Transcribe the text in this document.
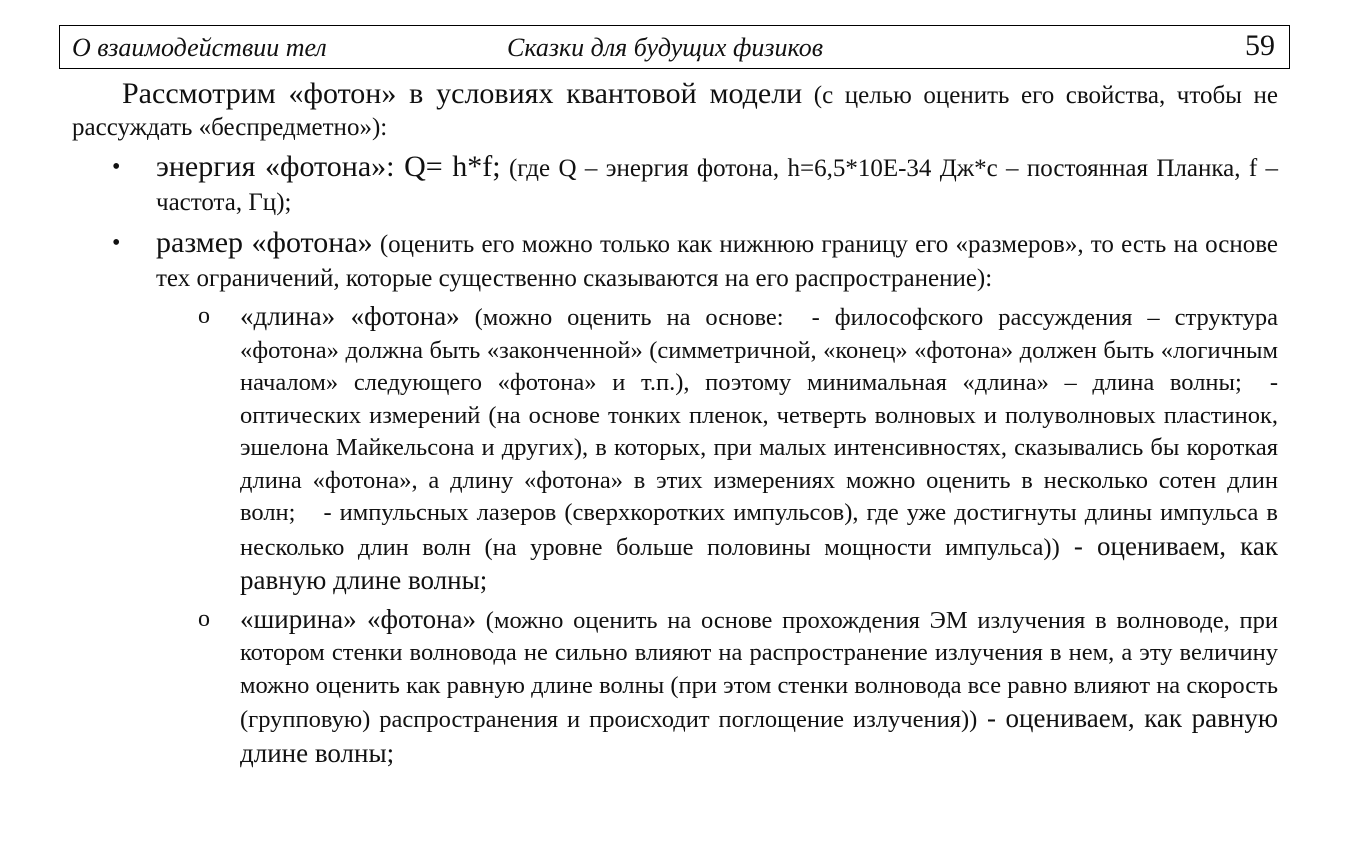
О взаимодействии тел	Сказки для будущих физиков	59

Рассмотрим «фотон» в условиях квантовой модели (с целью оценить его свойства, чтобы не рассуждать «беспредметно»):

• энергия «фотона»: Q= h*f; (где Q – энергия фотона, h=6,5*10E-34 Дж*с – постоянная Планка, f – частота, Гц);

• размер «фотона» (оценить его можно только как нижнюю границу его «размеров», то есть на основе тех ограничений, которые существенно сказываются на его распространение):

o «длина» «фотона» (можно оценить на основе: - философского рассуждения – структура «фотона» должна быть «законченной» (симметричной, «конец» «фотона» должен быть «логичным началом» следующего «фотона» и т.п.), поэтому минимальная «длина» – длина волны; - оптических измерений (на основе тонких пленок, четверть волновых и полуволновых пластинок, эшелона Майкельсона и других), в которых, при малых интенсивностях, сказывались бы короткая длина «фотона», а длину «фотона» в этих измерениях можно оценить в несколько сотен длин волн; - импульсных лазеров (сверхкоротких импульсов), где уже достигнуты длины импульса в несколько длин волн (на уровне больше половины мощности импульса)) - оцениваем, как равную длине волны;

o «ширина» «фотона» (можно оценить на основе прохождения ЭМ излучения в волноводе, при котором стенки волновода не сильно влияют на распространение излучения в нем, а эту величину можно оценить как равную длине волны (при этом стенки волновода все равно влияют на скорость (групповую) распространения и происходит поглощение излучения)) - оцениваем, как равную длине волны;
